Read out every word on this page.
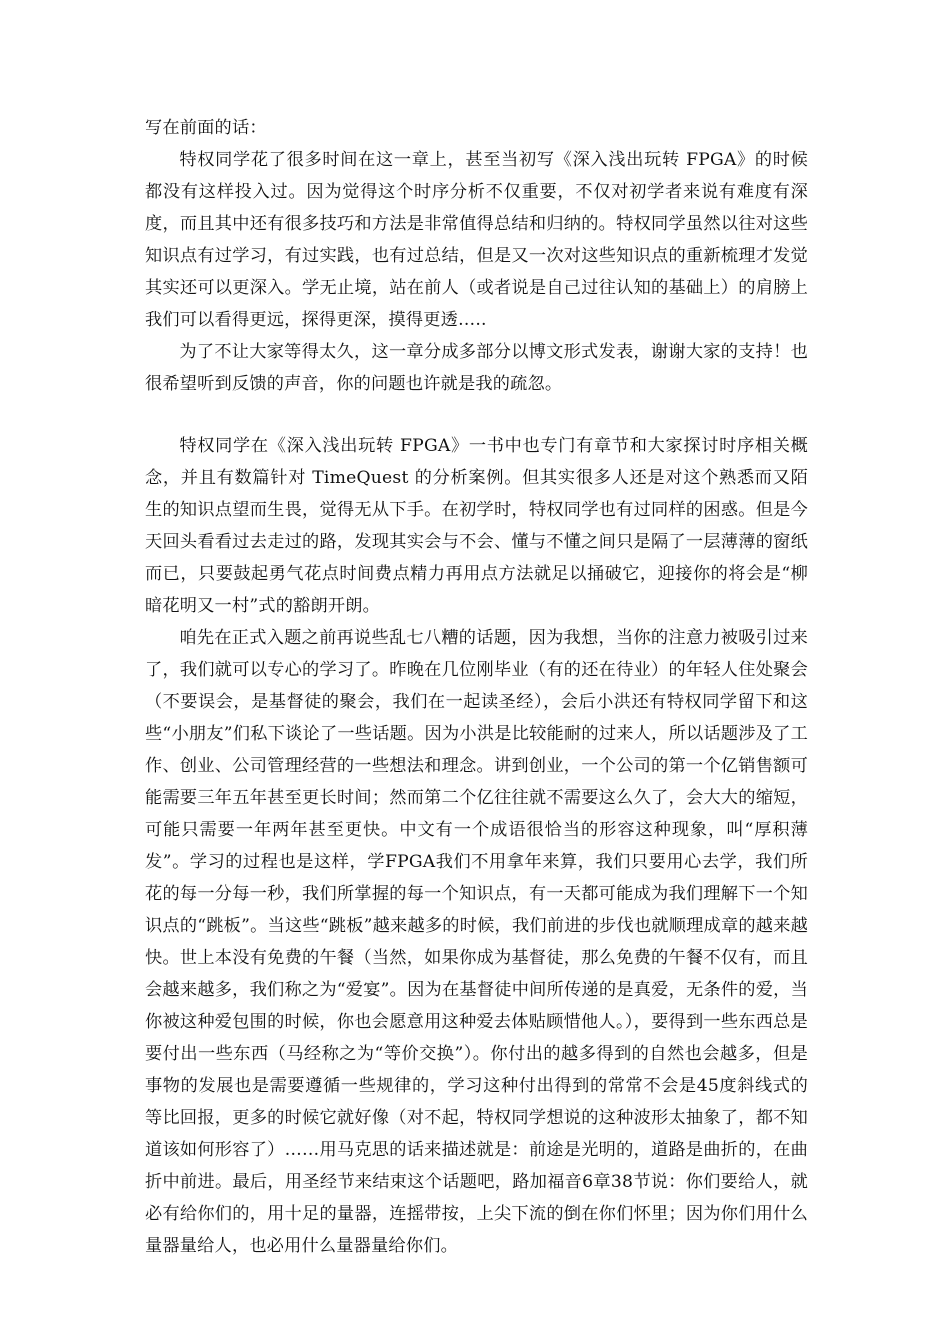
写在前面的话：

特权同学花了很多时间在这一章上，甚至当初写《深入浅出玩转 FPGA》的时候都没有这样投入过。因为觉得这个时序分析不仅重要，不仅对初学者来说有难度有深度，而且其中还有很多技巧和方法是非常值得总结和归纳的。特权同学虽然以往对这些知识点有过学习，有过实践，也有过总结，但是又一次对这些知识点的重新梳理才发觉其实还可以更深入。学无止境，站在前人（或者说是自己过往认知的基础上）的肩膀上我们可以看得更远，探得更深，摸得更透…..

为了不让大家等得太久，这一章分成多部分以博文形式发表，谢谢大家的支持！也很希望听到反馈的声音，你的问题也许就是我的疏忽。

特权同学在《深入浅出玩转 FPGA》一书中也专门有章节和大家探讨时序相关概念，并且有数篇针对 TimeQuest 的分析案例。但其实很多人还是对这个熟悉而又陌生的知识点望而生畏，觉得无从下手。在初学时，特权同学也有过同样的困惑。但是今天回头看看过去走过的路，发现其实会与不会、懂与不懂之间只是隔了一层薄薄的窗纸而已，只要鼓起勇气花点时间费点精力再用点方法就足以捅破它，迎接你的将会是“柳暗花明又一村”式的豁朗开朗。

咱先在正式入题之前再说些乱七八糟的话题，因为我想，当你的注意力被吸引过来了，我们就可以专心的学习了。昨晚在几位刚毕业（有的还在待业）的年轻人住处聚会（不要误会，是基督徒的聚会，我们在一起读圣经），会后小洪还有特权同学留下和这些“小朋友”们私下谈论了一些话题。因为小洪是比较能耐的过来人，所以话题涉及了工作、创业、公司管理经营的一些想法和理念。讲到创业，一个公司的第一个亿销售额可能需要三年五年甚至更长时间；然而第二个亿往往就不需要这么久了，会大大的缩短，可能只需要一年两年甚至更快。中文有一个成语很恰当的形容这种现象，叫“厚积薄发”。学习的过程也是这样，学FPGA我们不用拿年来算，我们只要用心去学，我们所花的每一分每一秒，我们所掌握的每一个知识点，有一天都可能成为我们理解下一个知识点的“跳板”。当这些“跳板”越来越多的时候，我们前进的步伐也就顺理成章的越来越快。世上本没有免费的午餐（当然，如果你成为基督徒，那么免费的午餐不仅有，而且会越来越多，我们称之为“爱宴”。因为在基督徒中间所传递的是真爱，无条件的爱，当你被这种爱包围的时候，你也会愿意用这种爱去体贴顾惜他人。），要得到一些东西总是要付出一些东西（马经称之为“等价交换”）。你付出的越多得到的自然也会越多，但是事物的发展也是需要遵循一些规律的，学习这种付出得到的常常不会是45度斜线式的等比回报，更多的时候它就好像（对不起，特权同学想说的这种波形太抽象了，都不知道该如何形容了）……用马克思的话来描述就是：前途是光明的，道路是曲折的，在曲折中前进。最后，用圣经节来结束这个话题吧，路加福音6章38节说：你们要给人，就必有给你们的，用十足的量器，连摇带按，上尖下流的倒在你们怀里；因为你们用什么量器量给人，也必用什么量器量给你们。
